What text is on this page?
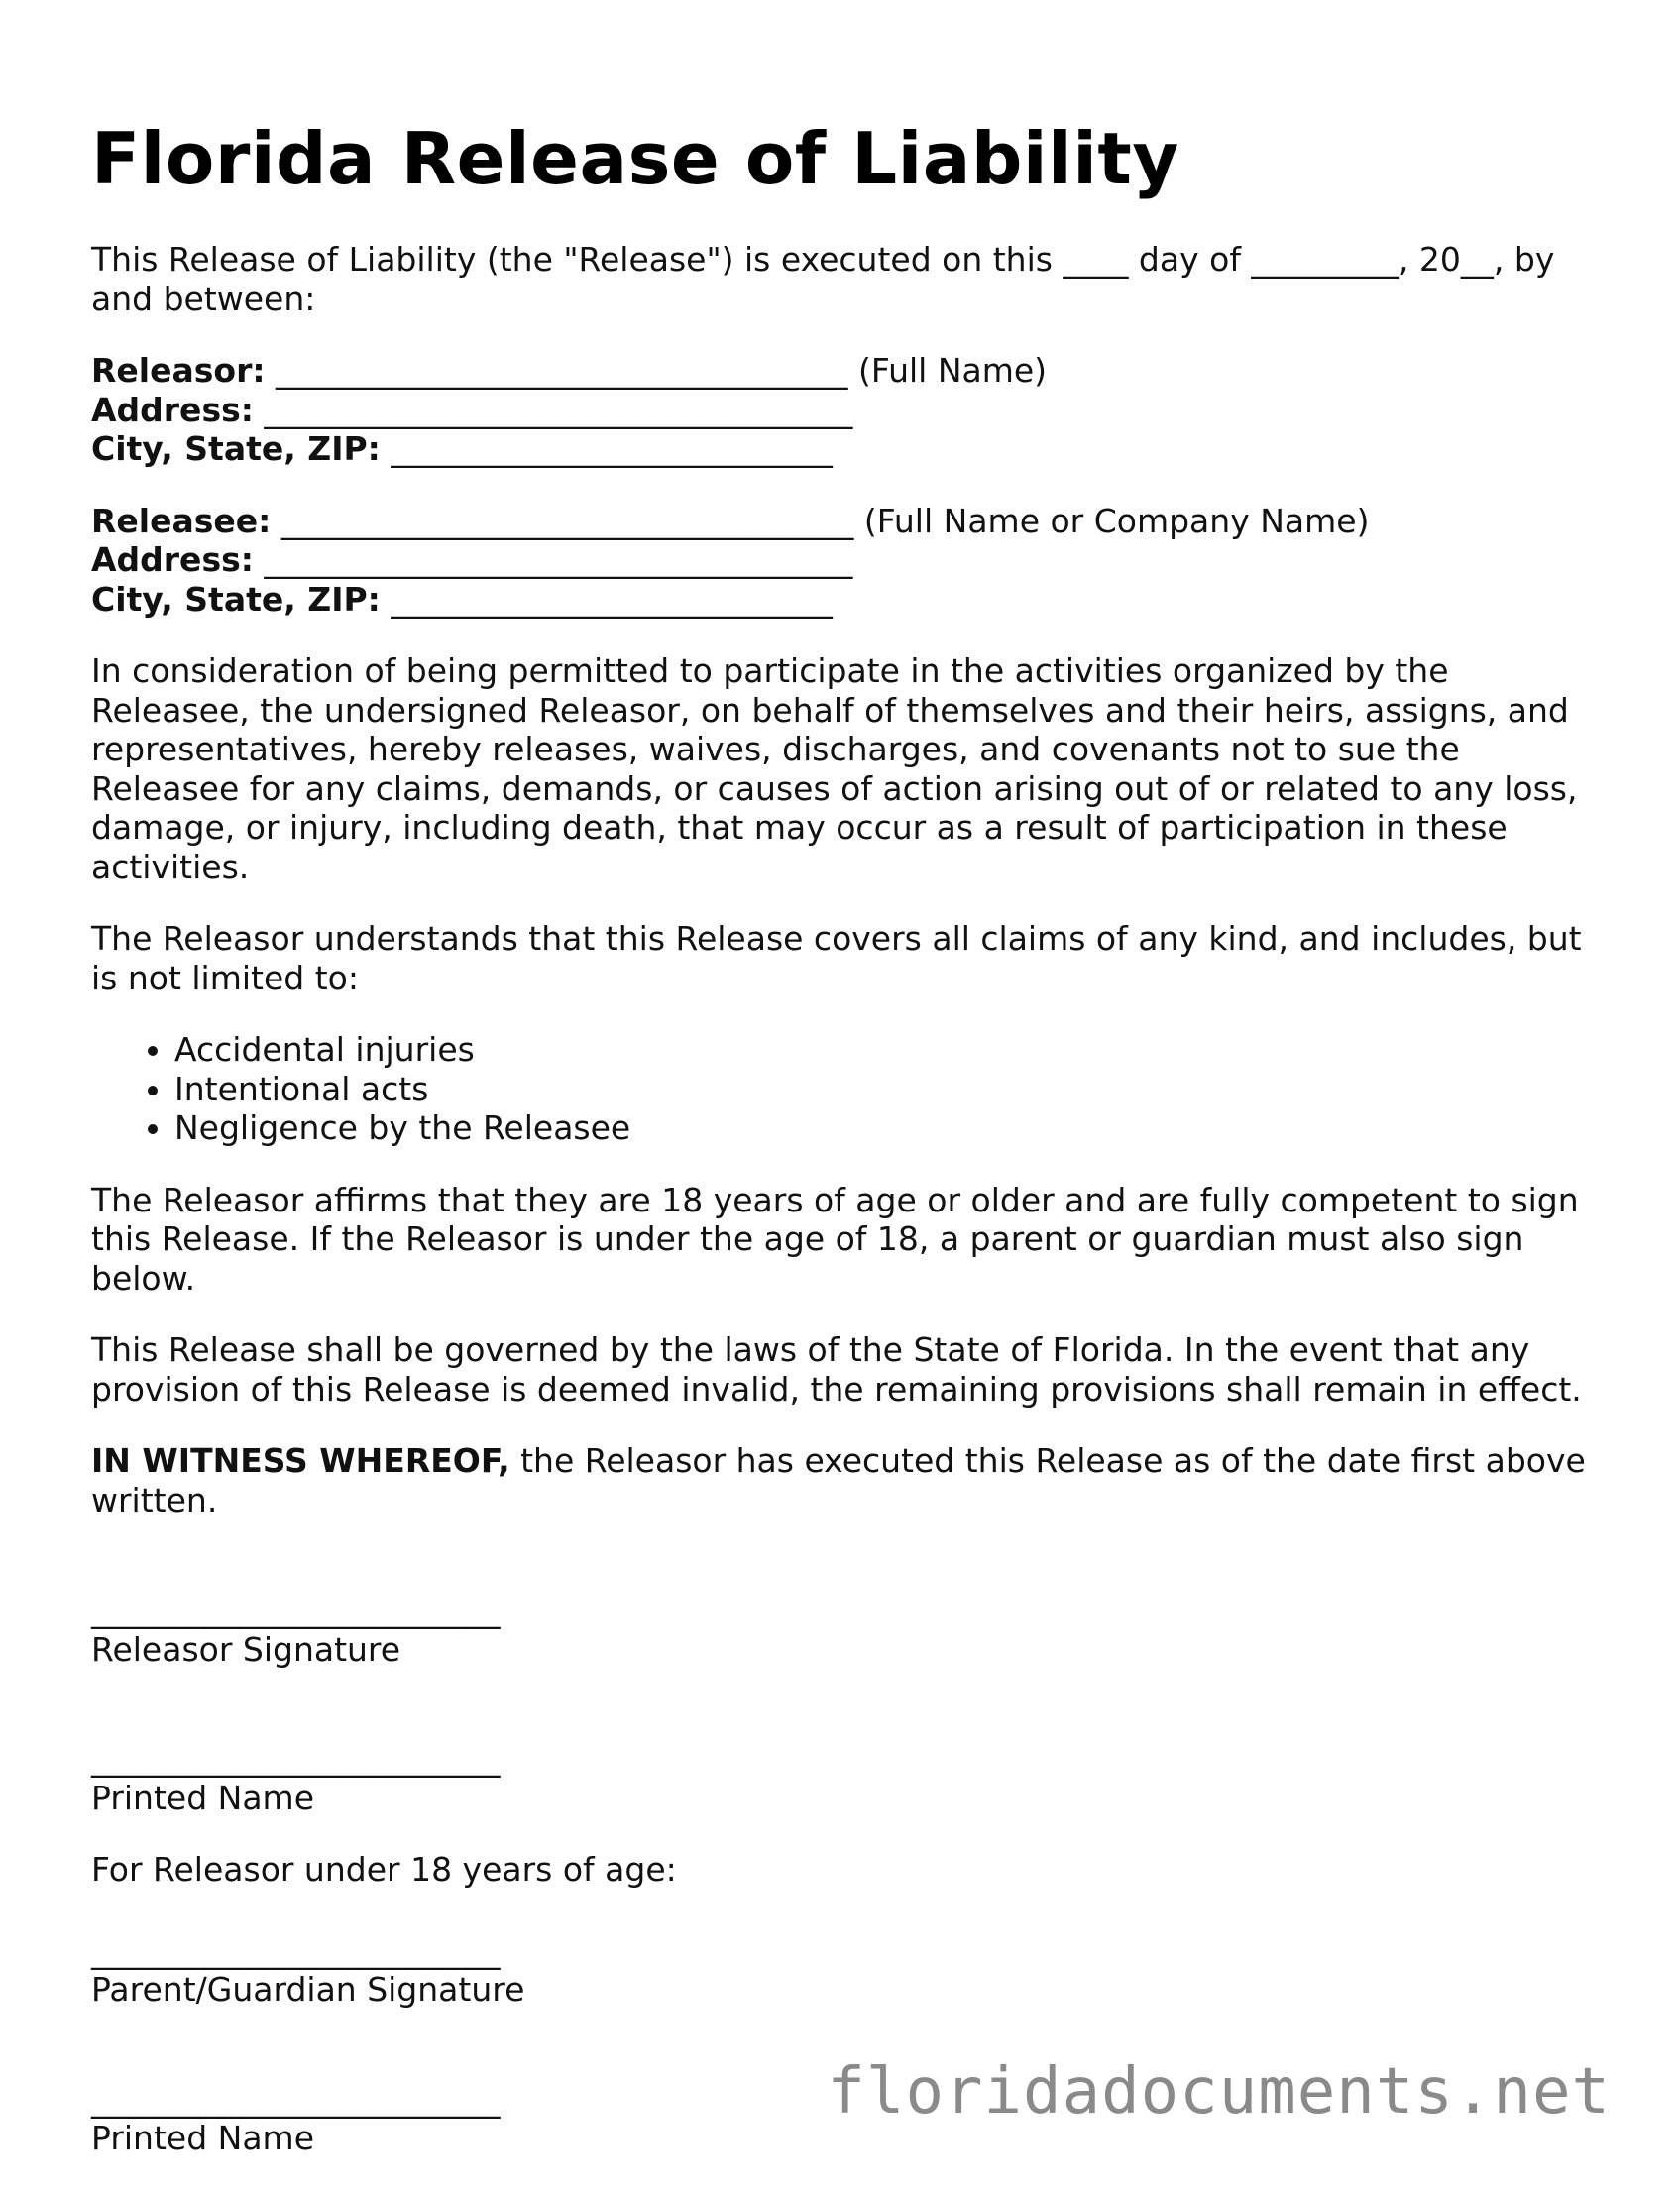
Florida Release of Liability

This Release of Liability (the "Release") is executed on this ____ day of _________, 20__, by and between:

Releasor: ___________________________________ (Full Name)
Address: ____________________________________
City, State, ZIP: ___________________________
Releasee: ___________________________________ (Full Name or Company Name)
Address: ____________________________________
City, State, ZIP: ___________________________

In consideration of being permitted to participate in the activities organized by the Releasee, the undersigned Releasor, on behalf of themselves and their heirs, assigns, and representatives, hereby releases, waives, discharges, and covenants not to sue the Releasee for any claims, demands, or causes of action arising out of or related to any loss, damage, or injury, including death, that may occur as a result of participation in these activities.

The Releasor understands that this Release covers all claims of any kind, and includes, but is not limited to:

• Accidental injuries
• Intentional acts
• Negligence by the Releasee

The Releasor affirms that they are 18 years of age or older and are fully competent to sign this Release. If the Releasor is under the age of 18, a parent or guardian must also sign below.

This Release shall be governed by the laws of the State of Florida. In the event that any provision of this Release is deemed invalid, the remaining provisions shall remain in effect.

IN WITNESS WHEREOF, the Releasor has executed this Release as of the date first above written.

_________________________
Releasor Signature
_________________________
Printed Name
For Releasor under 18 years of age:
_________________________
Parent/Guardian Signature
_________________________
Printed Name
floridadocuments.net
